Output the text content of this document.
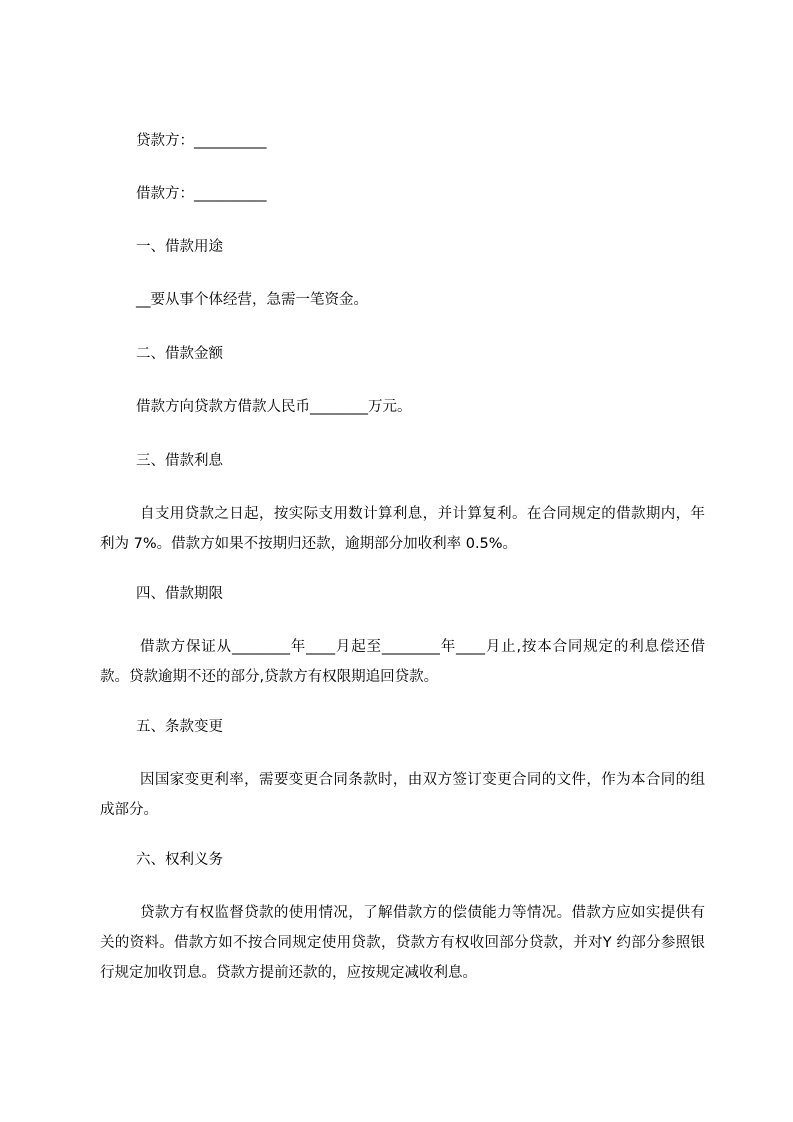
贷款方：__________
借款方：__________
一、借款用途
__要从事个体经营，急需一笔资金。
二、借款金额
借款方向贷款方借款人民币________万元。
三、借款利息
自支用贷款之日起，按实际支用数计算利息，并计算复利。在合同规定的借款期内，年利为 7%。借款方如果不按期归还款，逾期部分加收利率 0.5%。
四、借款期限
借款方保证从________年____月起至________年____月止,按本合同规定的利息偿还借款。贷款逾期不还的部分,贷款方有权限期追回贷款。
五、条款变更
因国家变更利率，需要变更合同条款时，由双方签订变更合同的文件，作为本合同的组成部分。
六、权利义务
贷款方有权监督贷款的使用情况，了解借款方的偿债能力等情况。借款方应如实提供有关的资料。借款方如不按合同规定使用贷款，贷款方有权收回部分贷款，并对Y 约部分参照银行规定加收罚息。贷款方提前还款的，应按规定减收利息。
